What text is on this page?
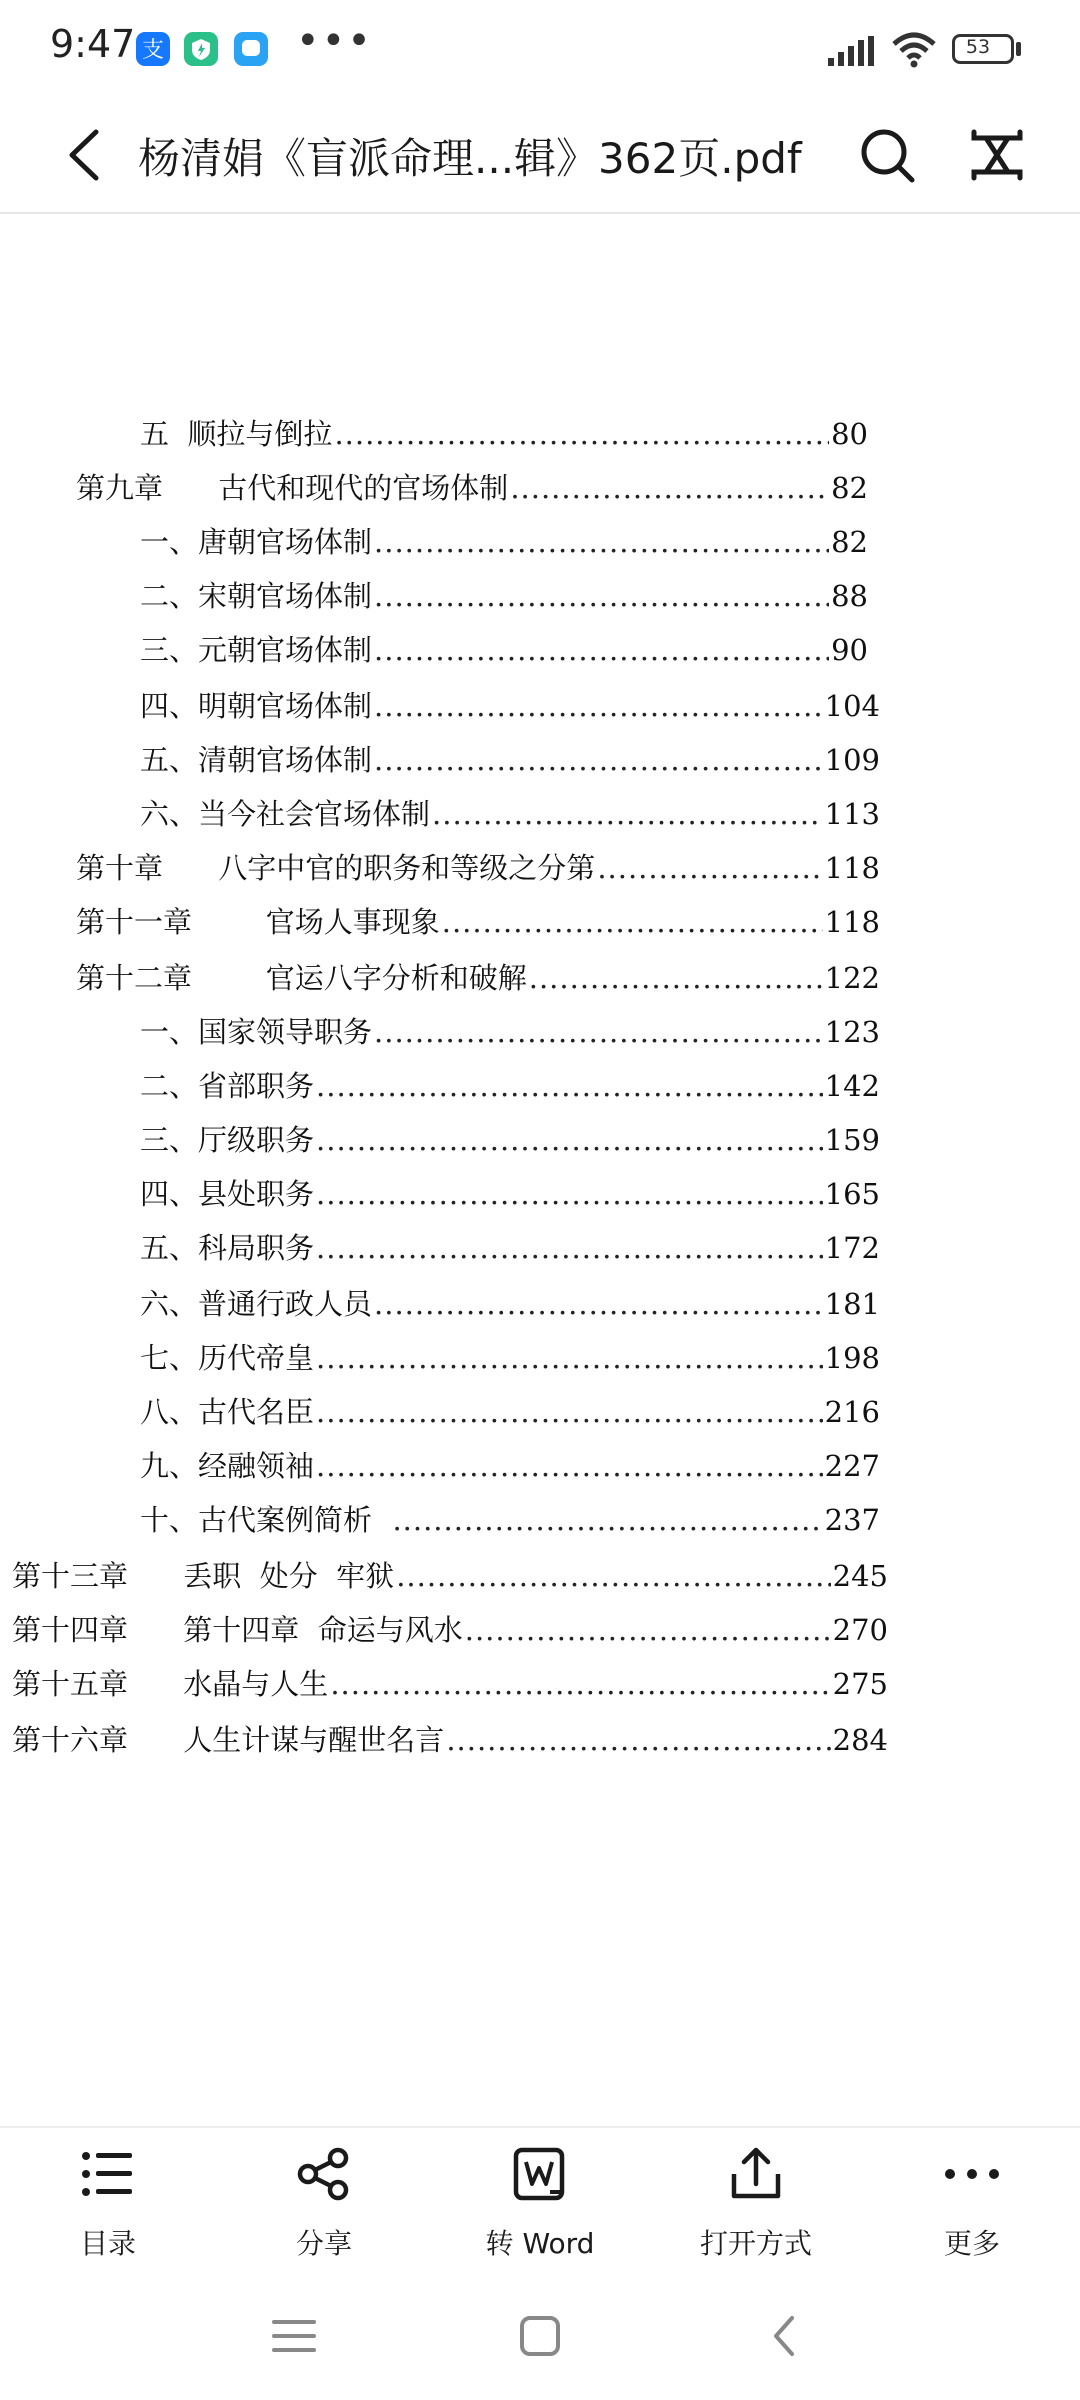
9:47 支	•••	53
杨清娟《盲派命理...辑》362页.pdf
五  顺拉与倒拉 .....	80
第九章      古代和现代的官场体制 .....	82
一、唐朝官场体制 .....	82
二、宋朝官场体制 .....	88
三、元朝官场体制 .....	90
四、明朝官场体制 .....	104
五、清朝官场体制 .....	109
六、当今社会官场体制 .....	113
第十章      八字中官的职务和等级之分第 .....	118
第十一章        官场人事现象 .....	118
第十二章        官运八字分析和破解 .....	122
一、国家领导职务 .....	123
二、省部职务 .....	142
三、厅级职务 .....	159
四、县处职务 .....	165
五、科局职务 .....	172
六、普通行政人员 .....	181
七、历代帝皇 .....	198
八、古代名臣 .....	216
九、经融领袖 .....	227
十、古代案例简析 .....	237
第十三章      丢职  处分  牢狱 .....	245
第十四章      第十四章  命运与风水 .....	270
第十五章      水晶与人生 .....	275
第十六章      人生计谋与醒世名言 .....	284
目录	分享	转 Word	打开方式	更多
